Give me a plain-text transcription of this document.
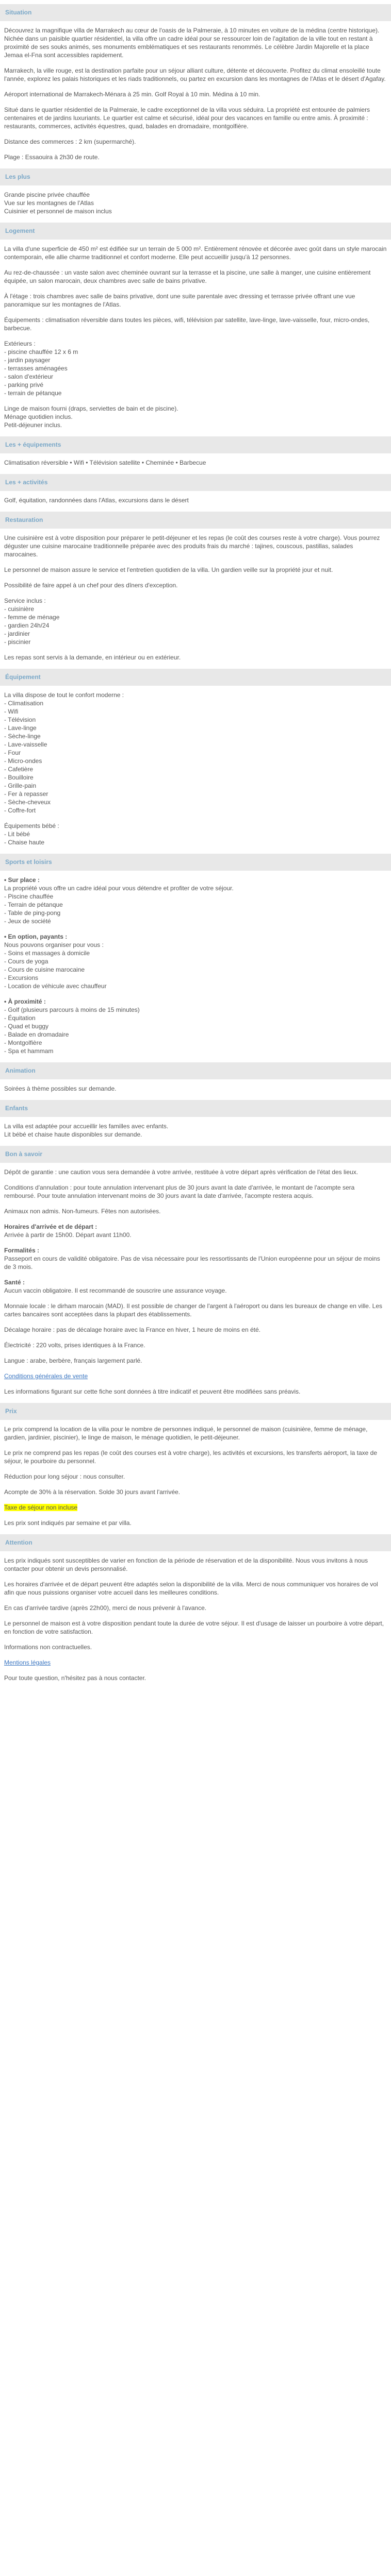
Situation

Découvrez la magnifique villa de Marrakech au cœur de l'oasis de la Palmeraie, à 10 minutes en voiture de la médina (centre historique). Nichée dans un paisible quartier résidentiel, la villa offre un cadre idéal pour se ressourcer loin de l'agitation de la ville tout en restant à proximité de ses souks animés, ses monuments emblématiques et ses restaurants renommés. Le célèbre Jardin Majorelle et la place Jemaa el-Fna sont accessibles rapidement.

Marrakech, la ville rouge, est la destination parfaite pour un séjour alliant culture, détente et découverte. Profitez du climat ensoleillé toute l'année, explorez les palais historiques et les riads traditionnels, ou partez en excursion dans les montagnes de l'Atlas et le désert d'Agafay.

Aéroport international de Marrakech-Ménara à 25 min. Golf Royal à 10 min. Médina à 10 min.

Situé dans le quartier résidentiel de la Palmeraie, le cadre exceptionnel de la villa vous séduira. La propriété est entourée de palmiers centenaires et de jardins luxuriants. Le quartier est calme et sécurisé, idéal pour des vacances en famille ou entre amis. À proximité : restaurants, commerces, activités équestres, quad, balades en dromadaire, montgolfière.

Distance des commerces : 2 km (supermarché).

Plage : Essaouira à 2h30 de route.

Les plus

Grande piscine privée chauffée

Vue sur les montagnes de l'Atlas

Cuisinier et personnel de maison inclus

Logement

La villa d'une superficie de 450 m² est édifiée sur un terrain de 5 000 m². Entièrement rénovée et décorée avec goût dans un style marocain contemporain, elle allie charme traditionnel et confort moderne. Elle peut accueillir jusqu'à 12 personnes.

Au rez-de-chaussée : un vaste salon avec cheminée ouvrant sur la terrasse et la piscine, une salle à manger, une cuisine entièrement équipée, un salon marocain, deux chambres avec salle de bains privative.

À l'étage : trois chambres avec salle de bains privative, dont une suite parentale avec dressing et terrasse privée offrant une vue panoramique sur les montagnes de l'Atlas.

Équipements : climatisation réversible dans toutes les pièces, wifi, télévision par satellite, lave-linge, lave-vaisselle, four, micro-ondes, barbecue.

Extérieurs :

- piscine chauffée 12 x 6 m

- jardin paysager

- terrasses aménagées

- salon d'extérieur

- parking privé

- terrain de pétanque

Linge de maison fourni (draps, serviettes de bain et de piscine).

Ménage quotidien inclus.

Petit-déjeuner inclus.

Les + équipements

Climatisation réversible • Wifi • Télévision satellite • Cheminée • Barbecue

Les + activités

Golf, équitation, randonnées dans l'Atlas, excursions dans le désert

Restauration

Une cuisinière est à votre disposition pour préparer le petit-déjeuner et les repas (le coût des courses reste à votre charge). Vous pourrez déguster une cuisine marocaine traditionnelle préparée avec des produits frais du marché : tajines, couscous, pastillas, salades marocaines.

Le personnel de maison assure le service et l'entretien quotidien de la villa. Un gardien veille sur la propriété jour et nuit.

Possibilité de faire appel à un chef pour des dîners d'exception.

Service inclus :

- cuisinière

- femme de ménage

- gardien 24h/24

- jardinier

- piscinier

Les repas sont servis à la demande, en intérieur ou en extérieur.

Équipement

La villa dispose de tout le confort moderne :

- Climatisation

- Wifi

- Télévision

- Lave-linge

- Sèche-linge

- Lave-vaisselle

- Four

- Micro-ondes

- Cafetière

- Bouilloire

- Grille-pain

- Fer à repasser

- Sèche-cheveux

- Coffre-fort

Équipements bébé :

- Lit bébé

- Chaise haute

Sports et loisirs

• Sur place :

La propriété vous offre un cadre idéal pour vous détendre et profiter de votre séjour.

- Piscine chauffée

- Terrain de pétanque

- Table de ping-pong

- Jeux de société

• En option, payants :

Nous pouvons organiser pour vous :

- Soins et massages à domicile

- Cours de yoga

- Cours de cuisine marocaine

- Excursions

- Location de véhicule avec chauffeur

• À proximité :

- Golf (plusieurs parcours à moins de 15 minutes)

- Équitation

- Quad et buggy

- Balade en dromadaire

- Montgolfière

- Spa et hammam

Animation

Soirées à thème possibles sur demande.

Enfants

La villa est adaptée pour accueillir les familles avec enfants.

Lit bébé et chaise haute disponibles sur demande.

Bon à savoir

Dépôt de garantie : une caution vous sera demandée à votre arrivée, restituée à votre départ après vérification de l'état des lieux.

Conditions d'annulation : pour toute annulation intervenant plus de 30 jours avant la date d'arrivée, le montant de l'acompte sera remboursé. Pour toute annulation intervenant moins de 30 jours avant la date d'arrivée, l'acompte restera acquis.

Animaux non admis. Non-fumeurs. Fêtes non autorisées.

Horaires d'arrivée et de départ :

Arrivée à partir de 15h00. Départ avant 11h00.

Formalités :

Passeport en cours de validité obligatoire. Pas de visa nécessaire pour les ressortissants de l'Union européenne pour un séjour de moins de 3 mois.

Santé :

Aucun vaccin obligatoire. Il est recommandé de souscrire une assurance voyage.

Monnaie locale : le dirham marocain (MAD). Il est possible de changer de l'argent à l'aéroport ou dans les bureaux de change en ville. Les cartes bancaires sont acceptées dans la plupart des établissements.

Décalage horaire : pas de décalage horaire avec la France en hiver, 1 heure de moins en été.

Électricité : 220 volts, prises identiques à la France.

Langue : arabe, berbère, français largement parlé.

Conditions générales de vente

Les informations figurant sur cette fiche sont données à titre indicatif et peuvent être modifiées sans préavis.

Prix

Le prix comprend la location de la villa pour le nombre de personnes indiqué, le personnel de maison (cuisinière, femme de ménage, gardien, jardinier, piscinier), le linge de maison, le ménage quotidien, le petit-déjeuner.

Le prix ne comprend pas les repas (le coût des courses est à votre charge), les activités et excursions, les transferts aéroport, la taxe de séjour, le pourboire du personnel.

Réduction pour long séjour : nous consulter.

Acompte de 30% à la réservation. Solde 30 jours avant l'arrivée.

Taxe de séjour non incluse

Les prix sont indiqués par semaine et par villa.

Attention

Les prix indiqués sont susceptibles de varier en fonction de la période de réservation et de la disponibilité. Nous vous invitons à nous contacter pour obtenir un devis personnalisé.

Les horaires d'arrivée et de départ peuvent être adaptés selon la disponibilité de la villa. Merci de nous communiquer vos horaires de vol afin que nous puissions organiser votre accueil dans les meilleures conditions.

En cas d'arrivée tardive (après 22h00), merci de nous prévenir à l'avance.

Le personnel de maison est à votre disposition pendant toute la durée de votre séjour. Il est d'usage de laisser un pourboire à votre départ, en fonction de votre satisfaction.

Informations non contractuelles.

Mentions légales

Pour toute question, n'hésitez pas à nous contacter.
